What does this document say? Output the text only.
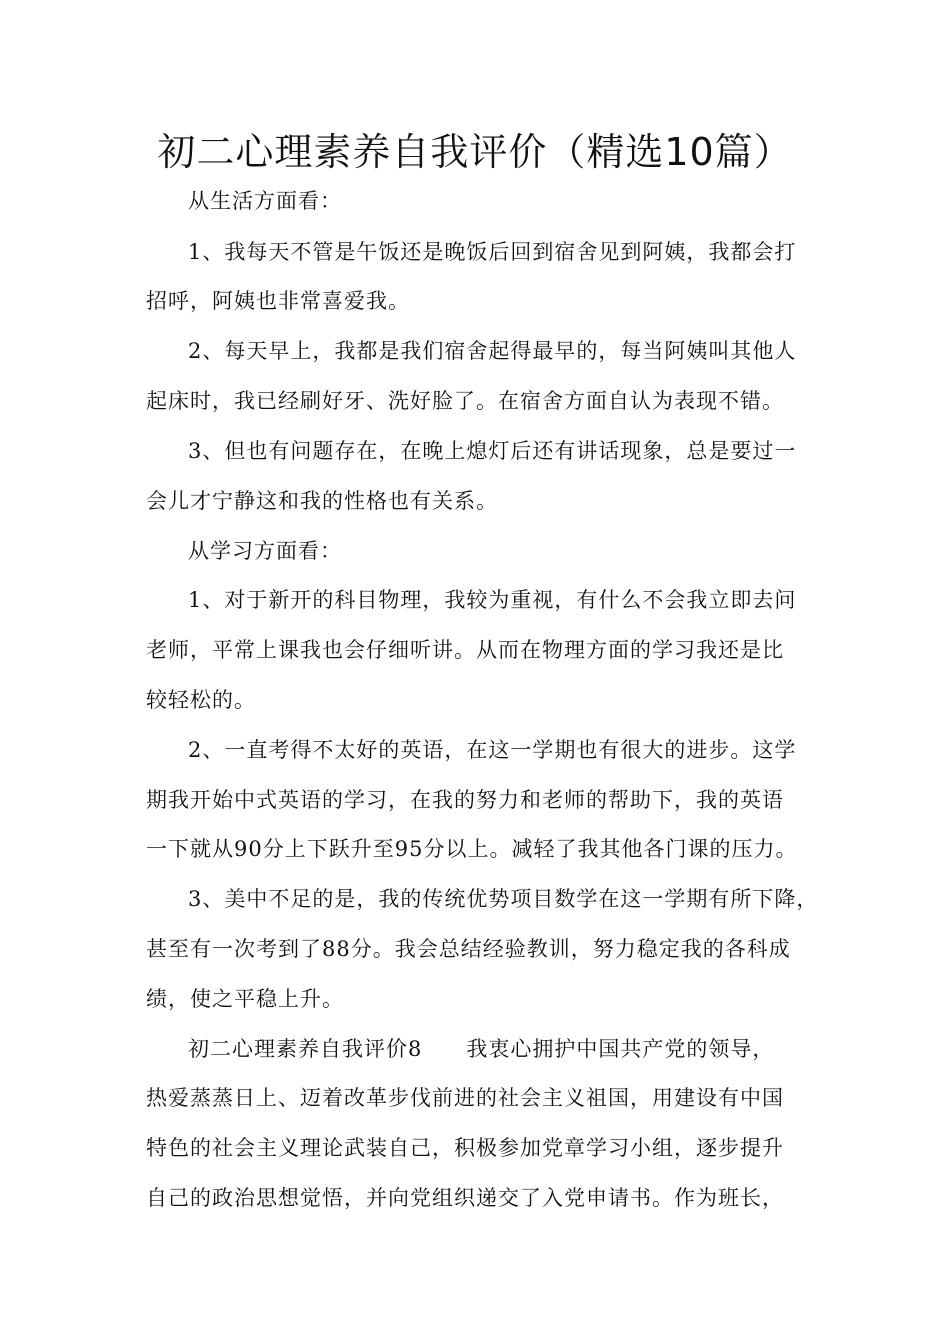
初二心理素养自我评价（精选10篇）
从生活方面看：
1、我每天不管是午饭还是晚饭后回到宿舍见到阿姨，我都会打
招呼，阿姨也非常喜爱我。
2、每天早上，我都是我们宿舍起得最早的，每当阿姨叫其他人
起床时，我已经刷好牙、洗好脸了。在宿舍方面自认为表现不错。
3、但也有问题存在，在晚上熄灯后还有讲话现象，总是要过一
会儿才宁静这和我的性格也有关系。
从学习方面看：
1、对于新开的科目物理，我较为重视，有什么不会我立即去问
老师，平常上课我也会仔细听讲。从而在物理方面的学习我还是比
较轻松的。
2、一直考得不太好的英语，在这一学期也有很大的进步。这学
期我开始中式英语的学习，在我的努力和老师的帮助下，我的英语
一下就从90分上下跃升至95分以上。减轻了我其他各门课的压力。
3、美中不足的是，我的传统优势项目数学在这一学期有所下降，
甚至有一次考到了88分。我会总结经验教训，努力稳定我的各科成
绩，使之平稳上升。
初二心理素养自我评价8 我衷心拥护中国共产党的领导，
热爱蒸蒸日上、迈着改革步伐前进的社会主义祖国，用建设有中国
特色的社会主义理论武装自己，积极参加党章学习小组，逐步提升
自己的政治思想觉悟，并向党组织递交了入党申请书。作为班长，
